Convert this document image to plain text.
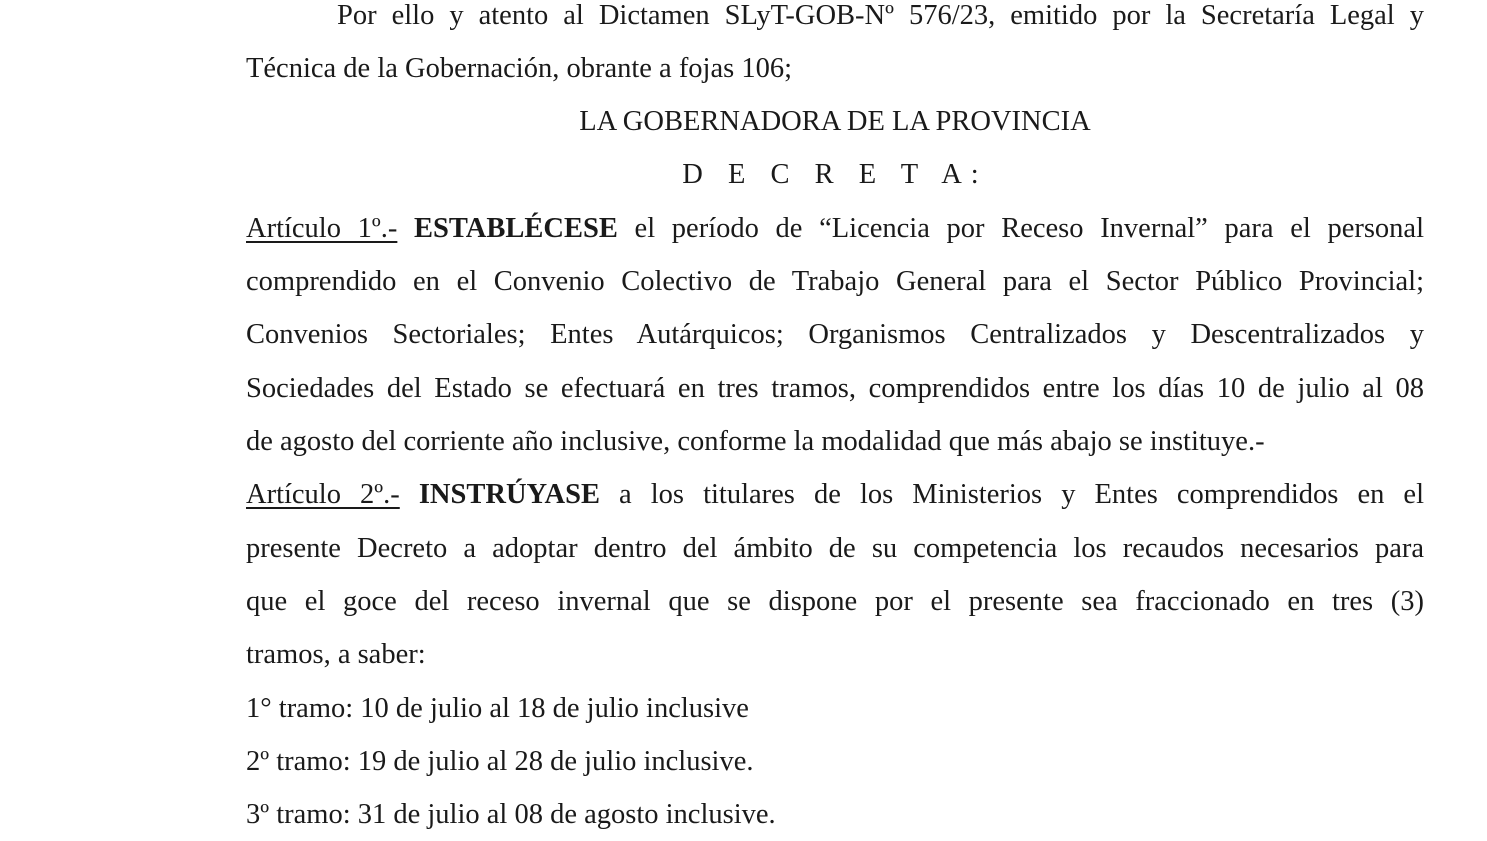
Por ello y atento al Dictamen SLyT-GOB-Nº 576/23, emitido por la Secretaría Legal y
Técnica de la Gobernación, obrante a fojas 106;
LA GOBERNADORA DE LA PROVINCIA
D E C R E T A:
Artículo 1º.- ESTABLÉCESE el período de “Licencia por Receso Invernal” para el personal
comprendido en el Convenio Colectivo de Trabajo General para el Sector Público Provincial;
Convenios Sectoriales; Entes Autárquicos; Organismos Centralizados y Descentralizados y
Sociedades del Estado se efectuará en tres tramos, comprendidos entre los días 10 de julio al 08
de agosto del corriente año inclusive, conforme la modalidad que más abajo se instituye.-
Artículo 2º.- INSTRÚYASE a los titulares de los Ministerios y Entes comprendidos en el
presente Decreto a adoptar dentro del ámbito de su competencia los recaudos necesarios para
que el goce del receso invernal que se dispone por el presente sea fraccionado en tres (3)
tramos, a saber:
1° tramo: 10 de julio al 18 de julio inclusive
2º tramo: 19 de julio al 28 de julio inclusive.
3º tramo: 31 de julio al 08 de agosto inclusive.
